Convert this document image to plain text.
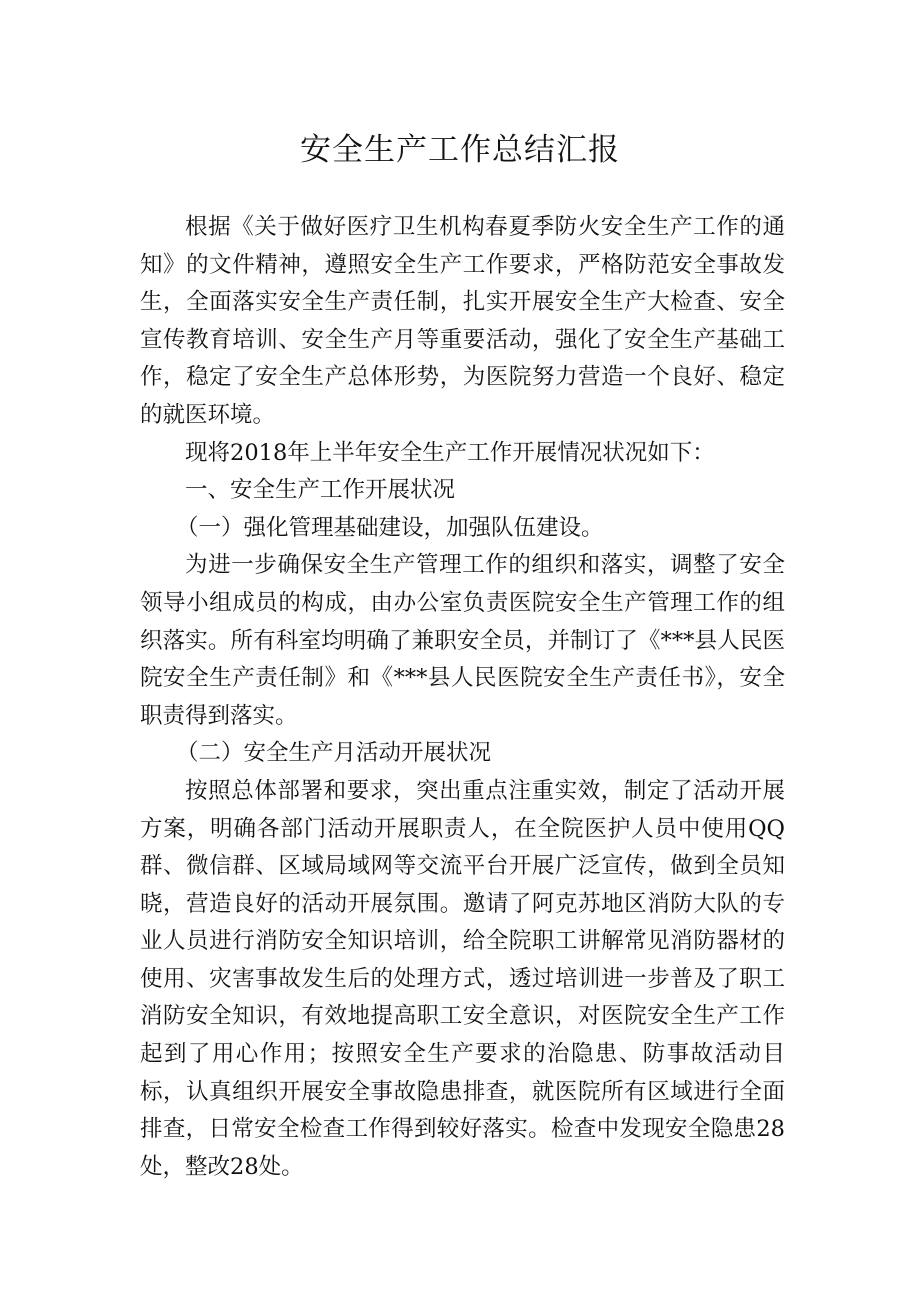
安全生产工作总结汇报

根据《关于做好医疗卫生机构春夏季防火安全生产工作的通知》的文件精神，遵照安全生产工作要求，严格防范安全事故发生，全面落实安全生产责任制，扎实开展安全生产大检查、安全宣传教育培训、安全生产月等重要活动，强化了安全生产基础工作，稳定了安全生产总体形势，为医院努力营造一个良好、稳定的就医环境。

现将2018年上半年安全生产工作开展情况状况如下：

一、安全生产工作开展状况

（一）强化管理基础建设，加强队伍建设。

为进一步确保安全生产管理工作的组织和落实，调整了安全领导小组成员的构成，由办公室负责医院安全生产管理工作的组织落实。所有科室均明确了兼职安全员，并制订了《***县人民医院安全生产责任制》和《***县人民医院安全生产责任书》，安全职责得到落实。

（二）安全生产月活动开展状况

按照总体部署和要求，突出重点注重实效，制定了活动开展方案，明确各部门活动开展职责人，在全院医护人员中使用QQ群、微信群、区域局域网等交流平台开展广泛宣传，做到全员知晓，营造良好的活动开展氛围。邀请了阿克苏地区消防大队的专业人员进行消防安全知识培训，给全院职工讲解常见消防器材的使用、灾害事故发生后的处理方式，透过培训进一步普及了职工消防安全知识，有效地提高职工安全意识，对医院安全生产工作起到了用心作用；按照安全生产要求的治隐患、防事故活动目标，认真组织开展安全事故隐患排查，就医院所有区域进行全面排查，日常安全检查工作得到较好落实。检查中发现安全隐患28处，整改28处。
